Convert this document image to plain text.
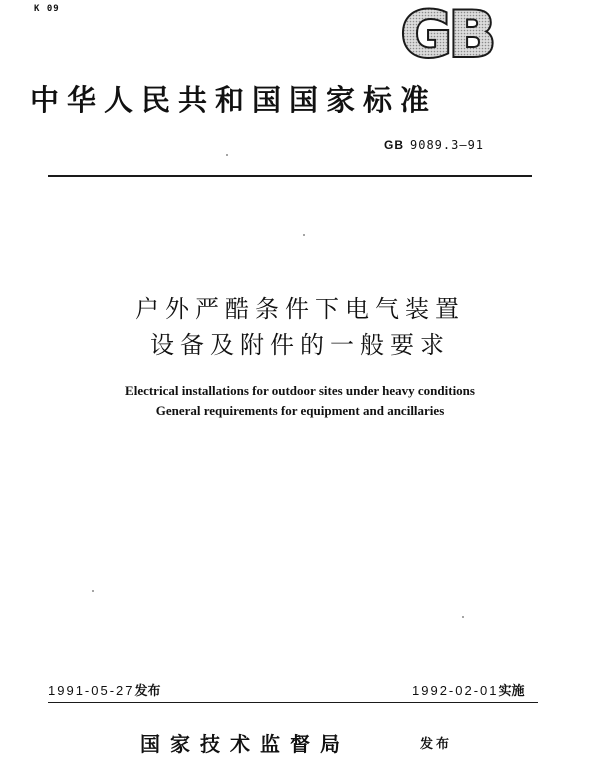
K 09	GB
中华人民共和国国家标准
GB 9089.3—91
户外严酷条件下电气装置
设备及附件的一般要求
Electrical installations for outdoor sites under heavy conditions
General requirements for equipment and ancillaries
1991-05-27发布	1992-02-01实施
国家技术监督局	发布
